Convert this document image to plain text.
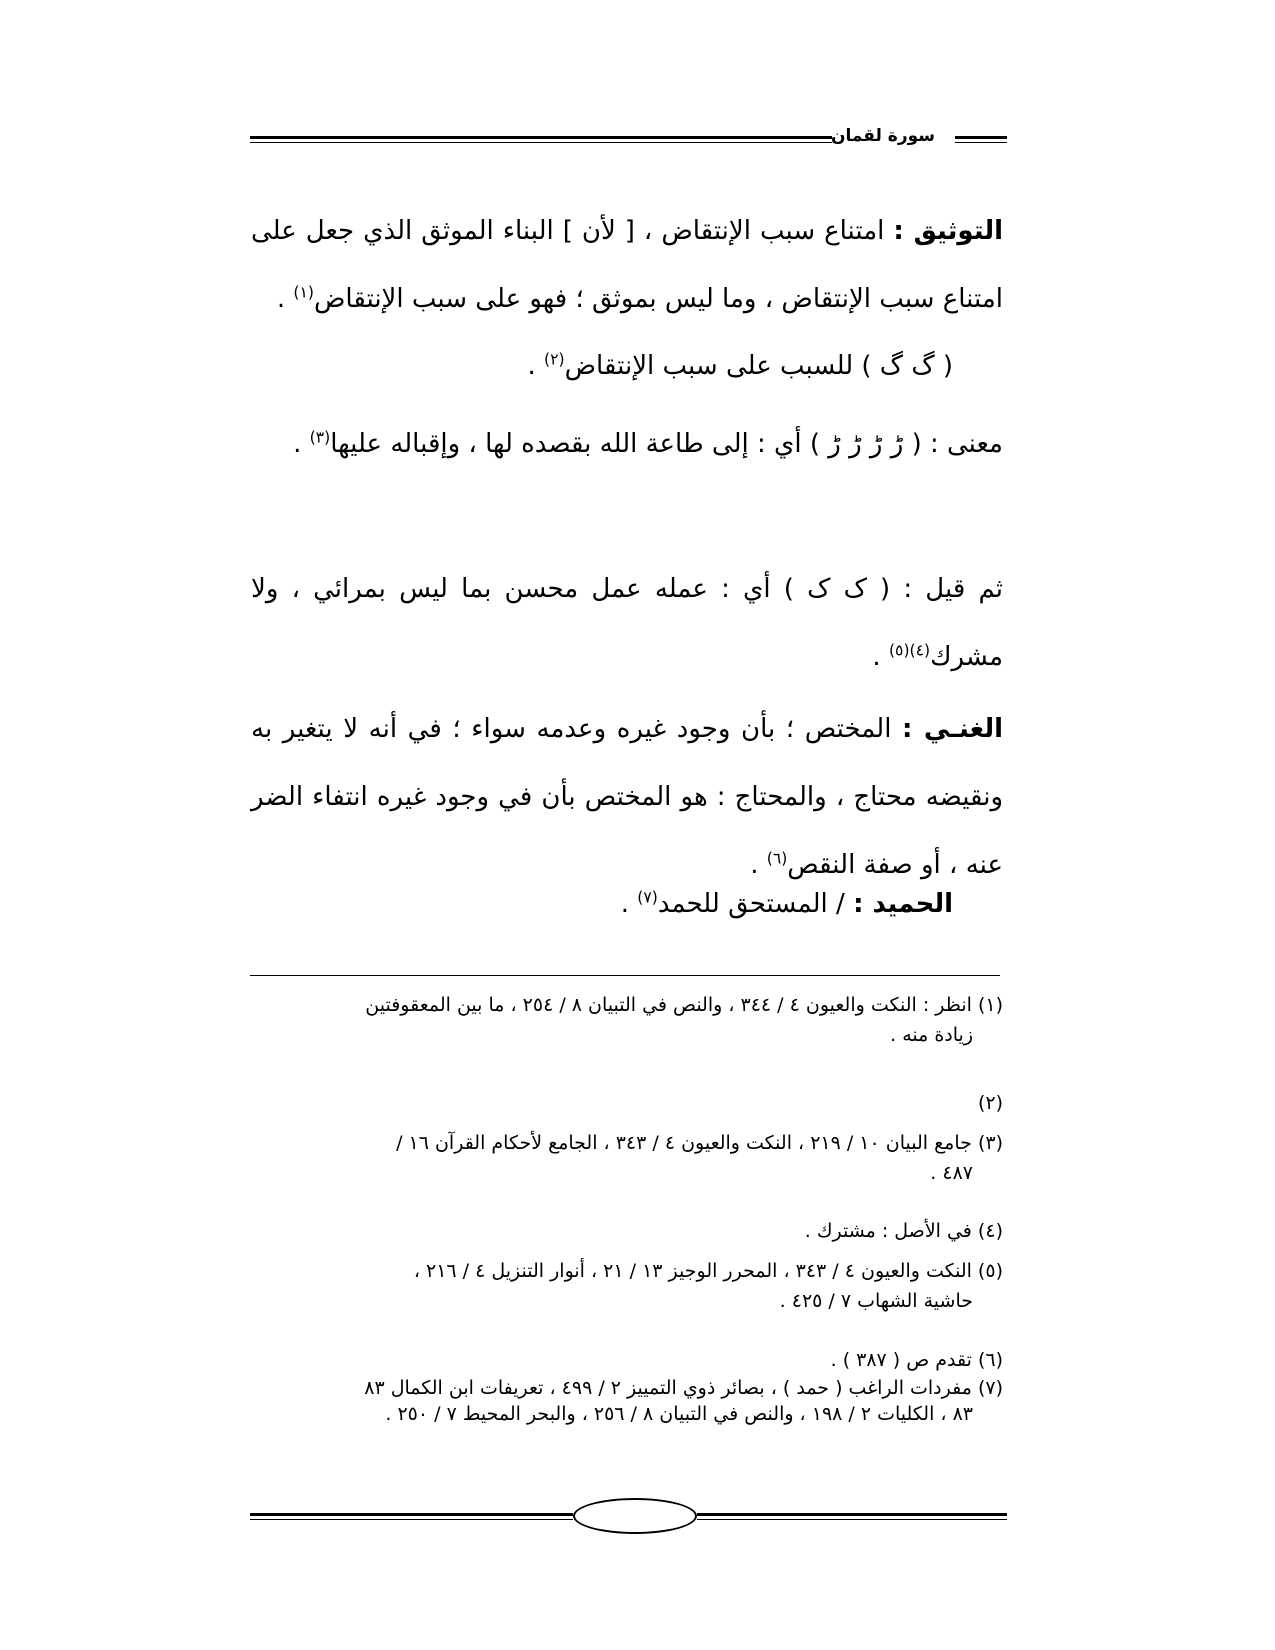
سورة لقمان

التوثيق : امتناع سبب الإنتقاض ، [ لأن ] البناء الموثق الذي جعل على امتناع سبب الإنتقاض ، وما ليس بموثق ؛ فهو على سبب الإنتقاض$^{(١)}$ .

( گ گ ) للسبب على سبب الإنتقاض$^{(٢)}$ .

معنى : ( ڑ ڑ ڑ ڑ ) أي : إلى طاعة الله بقصده لها ، وإقباله عليها$^{(٣)}$ .

ثم قيل : ( ک ک ) أي : عمله عمل محسن بما ليس بمرائي ، ولا مشرك$^{(٤)(٥)}$ .

الغنـي : المختص ؛ بأن وجود غيره وعدمه سواء ؛ في أنه لا يتغير به ونقيضه محتاج ، والمحتاج : هو المختص بأن في وجود غيره انتفاء الضر عنه ، أو صفة النقص$^{(٦)}$ .

الحميد : / المستحق للحمد$^{(٧)}$ .

(١) انظر : النكت والعيون ٤ / ٣٤٤ ، والنص في التبيان ٨ / ٢٥٤ ، ما بين المعقوفتين
زيادة منه .

(٢)

(٣) جامع البيان ١٠ / ٢١٩ ، النكت والعيون ٤ / ٣٤٣ ، الجامع لأحكام القرآن ١٦ /
٤٨٧ .

(٤) في الأصل : مشترك .

(٥) النكت والعيون ٤ / ٣٤٣ ، المحرر الوجيز ١٣ / ٢١ ، أنوار التنزيل ٤ / ٢١٦ ،
حاشية الشهاب ٧ / ٤٢٥ .

(٦) تقدم ص ( ٣٨٧ ) .

(٧) مفردات الراغب ( حمد ) ، بصائر ذوي التمييز ٢ / ٤٩٩ ، تعريفات ابن الكمال ٨٣
٨٣ ، الكليات ٢ / ١٩٨ ، والنص في التبيان ٨ / ٢٥٦ ، والبحر المحيط ٧ / ٢٥٠ .
